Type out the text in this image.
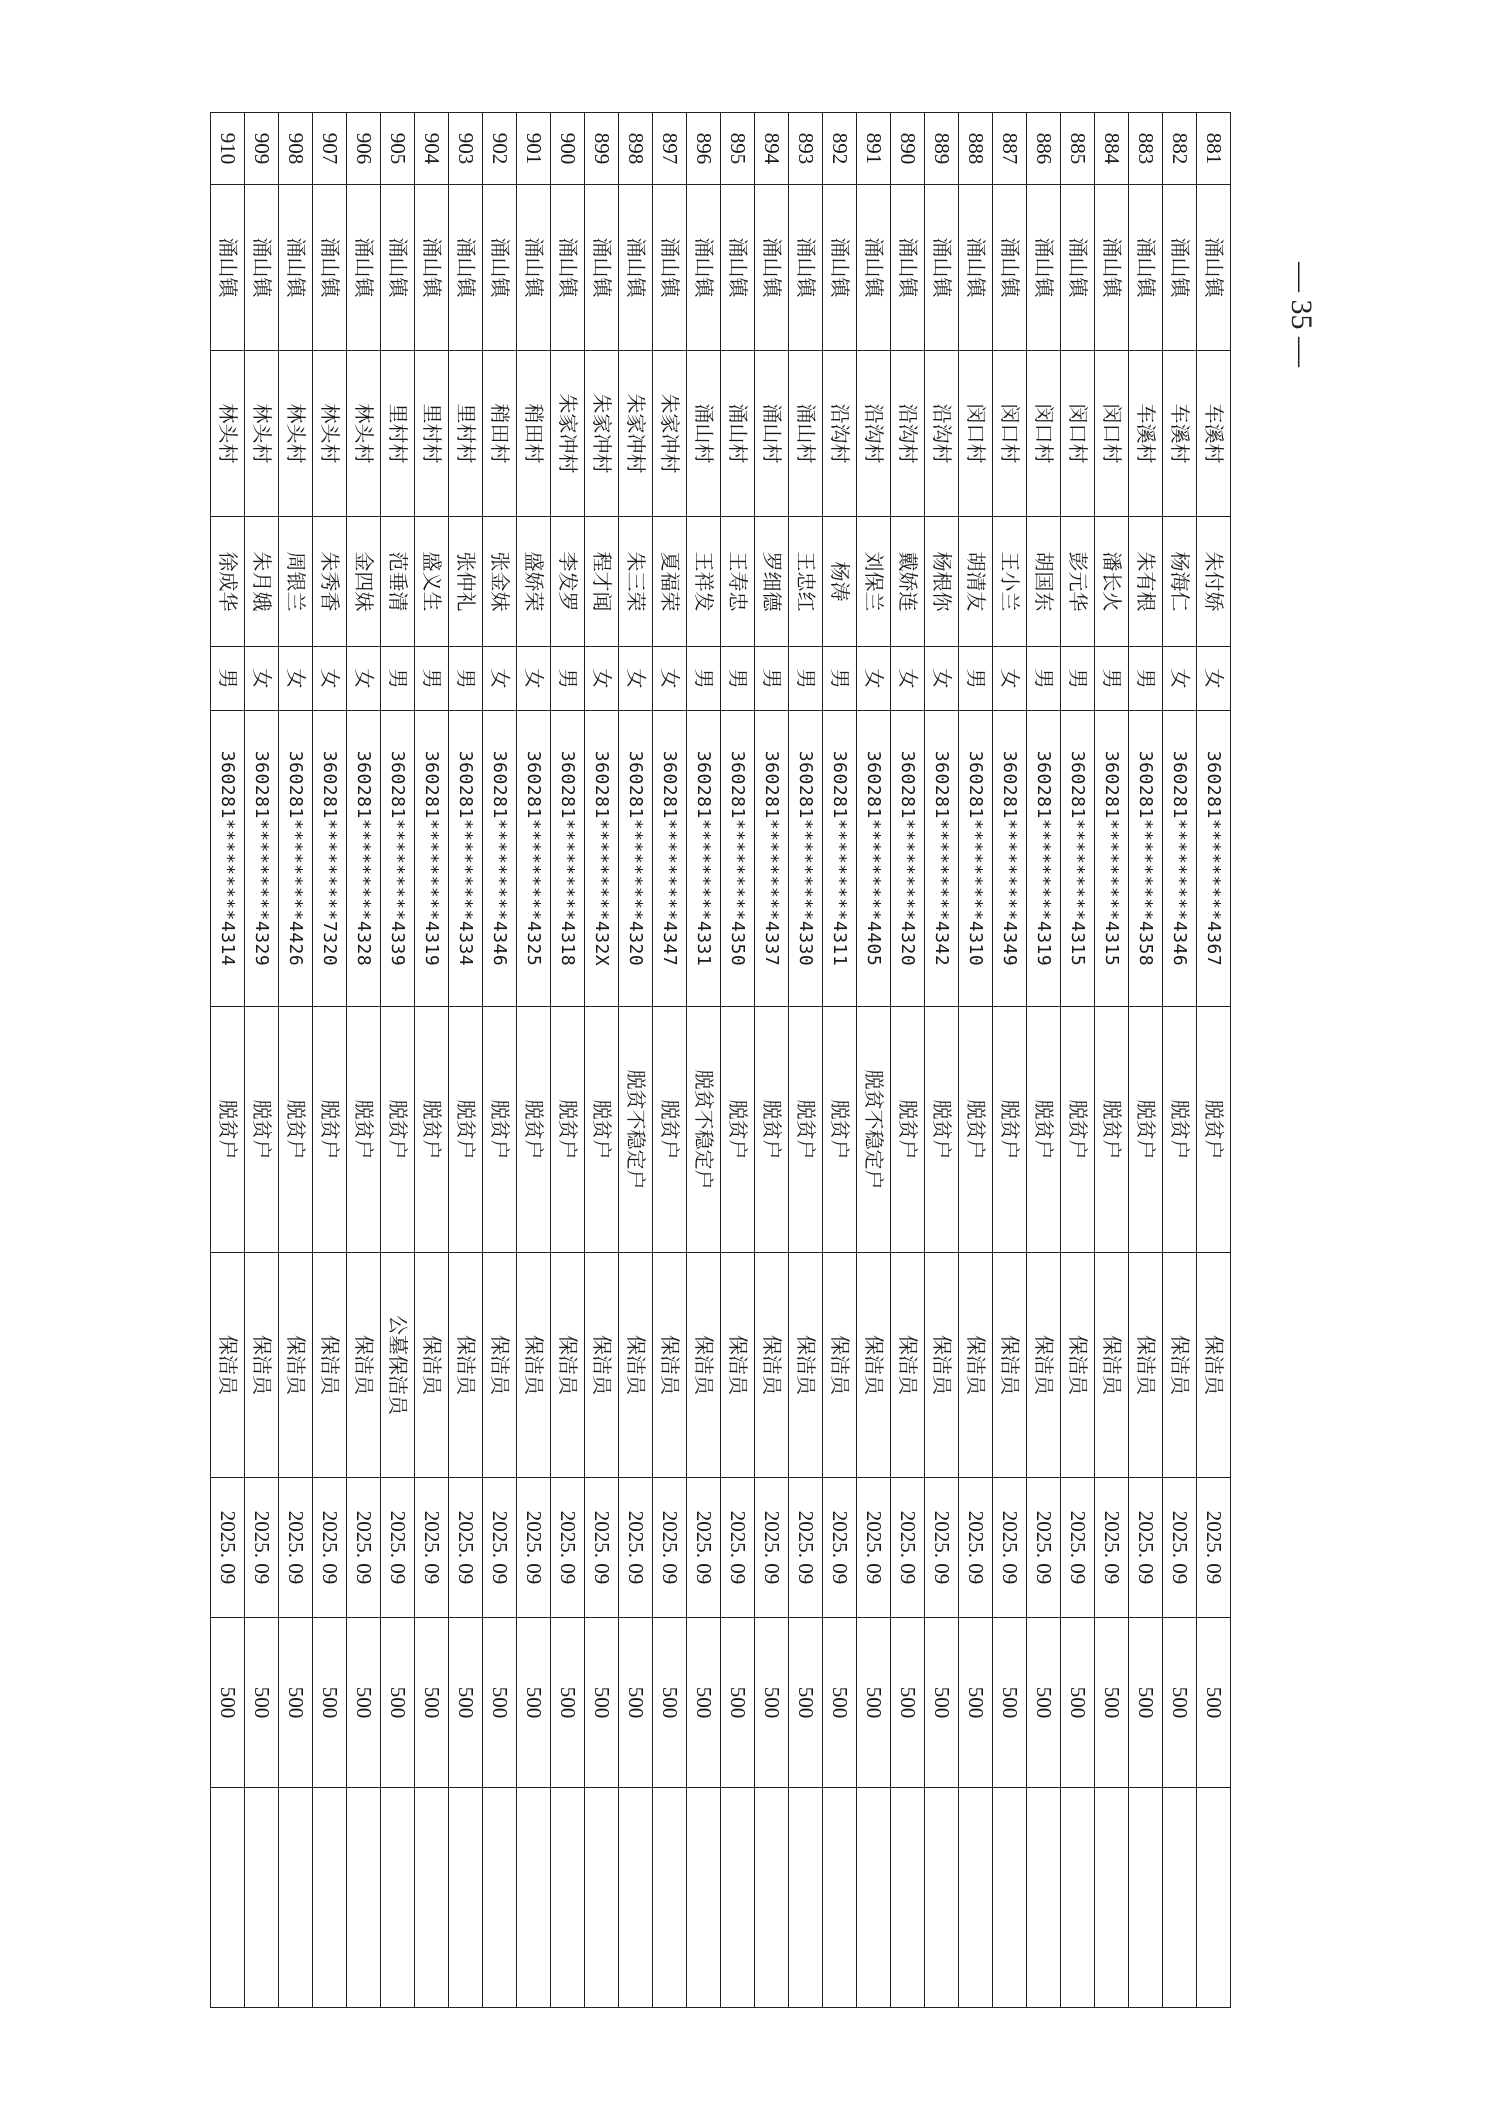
881	涌山镇	车溪村	朱付娇	女	360281*********4367	脱贫户	保洁员	2025. 09	500	
882	涌山镇	车溪村	杨海仁	女	360281*********4346	脱贫户	保洁员	2025. 09	500	
883	涌山镇	车溪村	朱有根	男	360281*********4358	脱贫户	保洁员	2025. 09	500	
884	涌山镇	闵口村	潘长火	男	360281*********4315	脱贫户	保洁员	2025. 09	500	
885	涌山镇	闵口村	彭元华	男	360281*********4315	脱贫户	保洁员	2025. 09	500	
886	涌山镇	闵口村	胡国东	男	360281*********4319	脱贫户	保洁员	2025. 09	500	
887	涌山镇	闵口村	王小兰	女	360281*********4349	脱贫户	保洁员	2025. 09	500	
888	涌山镇	闵口村	胡清友	男	360281*********4310	脱贫户	保洁员	2025. 09	500	
889	涌山镇	沿沟村	杨根你	女	360281*********4342	脱贫户	保洁员	2025. 09	500	
890	涌山镇	沿沟村	戴娇连	女	360281*********4320	脱贫户	保洁员	2025. 09	500	
891	涌山镇	沿沟村	刘保兰	女	360281*********4405	脱贫不稳定户	保洁员	2025. 09	500	
892	涌山镇	沿沟村	杨涛	男	360281*********4311	脱贫户	保洁员	2025. 09	500	
893	涌山镇	涌山村	王忠红	男	360281*********4330	脱贫户	保洁员	2025. 09	500	
894	涌山镇	涌山村	罗细德	男	360281*********4337	脱贫户	保洁员	2025. 09	500	
895	涌山镇	涌山村	王寿忠	男	360281*********4350	脱贫户	保洁员	2025. 09	500	
896	涌山镇	涌山村	王祥发	男	360281*********4331	脱贫不稳定户	保洁员	2025. 09	500	
897	涌山镇	朱家冲村	夏福荣	女	360281*********4347	脱贫户	保洁员	2025. 09	500	
898	涌山镇	朱家冲村	朱三荣	女	360281*********4320	脱贫不稳定户	保洁员	2025. 09	500	
899	涌山镇	朱家冲村	程才闻	女	360281*********432X	脱贫户	保洁员	2025. 09	500	
900	涌山镇	朱家冲村	李发罗	男	360281*********4318	脱贫户	保洁员	2025. 09	500	
901	涌山镇	稍田村	盛娇荣	女	360281*********4325	脱贫户	保洁员	2025. 09	500	
902	涌山镇	稍田村	张金妹	女	360281*********4346	脱贫户	保洁员	2025. 09	500	
903	涌山镇	里村村	张仲礼	男	360281*********4334	脱贫户	保洁员	2025. 09	500	
904	涌山镇	里村村	盛义生	男	360281*********4319	脱贫户	保洁员	2025. 09	500	
905	涌山镇	里村村	范垂清	男	360281*********4339	脱贫户	公墓保洁员	2025. 09	500	
906	涌山镇	林头村	金四妹	女	360281*********4328	脱贫户	保洁员	2025. 09	500	
907	涌山镇	林头村	朱秀香	女	360281*********7320	脱贫户	保洁员	2025. 09	500	
908	涌山镇	林头村	周银兰	女	360281*********4426	脱贫户	保洁员	2025. 09	500	
909	涌山镇	林头村	朱月娥	女	360281*********4329	脱贫户	保洁员	2025. 09	500	
910	涌山镇	林头村	徐成华	男	360281*********4314	脱贫户	保洁员	2025. 09	500	
— 35 —
